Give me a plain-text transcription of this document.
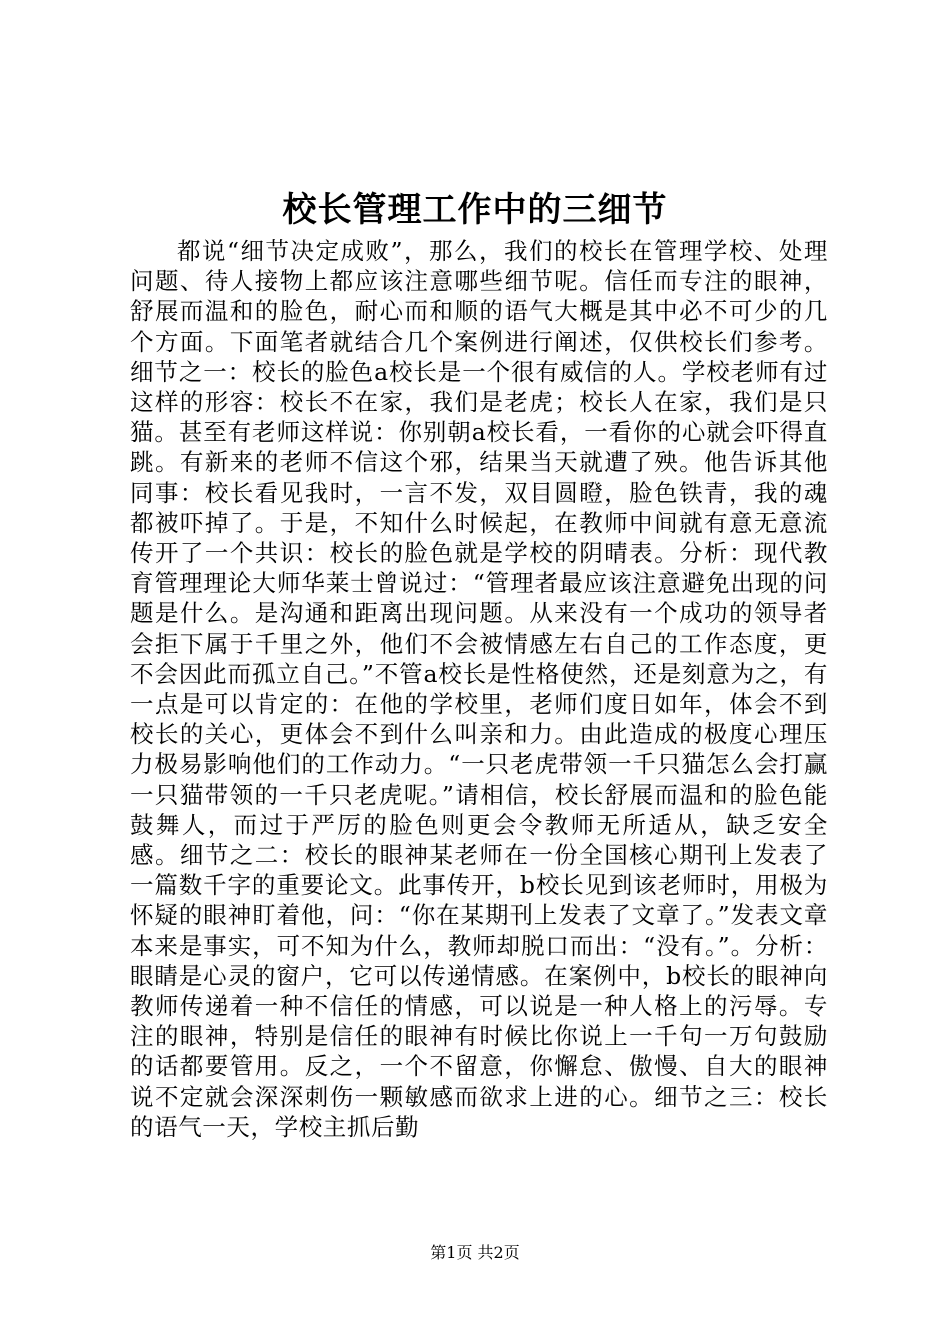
校长管理工作中的三细节

都说“细节决定成败”，那么，我们的校长在管理学校、处理问题、待人接物上都应该注意哪些细节呢。信任而专注的眼神，舒展而温和的脸色，耐心而和顺的语气大概是其中必不可少的几个方面。下面笔者就结合几个案例进行阐述，仅供校长们参考。细节之一：校长的脸色a校长是一个很有威信的人。学校老师有过这样的形容：校长不在家，我们是老虎；校长人在家，我们是只猫。甚至有老师这样说：你别朝a校长看，一看你的心就会吓得直跳。有新来的老师不信这个邪，结果当天就遭了殃。他告诉其他同事：校长看见我时，一言不发，双目圆瞪，脸色铁青，我的魂都被吓掉了。于是，不知什么时候起，在教师中间就有意无意流传开了一个共识：校长的脸色就是学校的阴晴表。分析：现代教育管理理论大师华莱士曾说过：“管理者最应该注意避免出现的问题是什么。是沟通和距离出现问题。从来没有一个成功的领导者会拒下属于千里之外，他们不会被情感左右自己的工作态度，更不会因此而孤立自己。”不管a校长是性格使然，还是刻意为之，有一点是可以肯定的：在他的学校里，老师们度日如年，体会不到校长的关心，更体会不到什么叫亲和力。由此造成的极度心理压力极易影响他们的工作动力。“一只老虎带领一千只猫怎么会打赢一只猫带领的一千只老虎呢。”请相信，校长舒展而温和的脸色能鼓舞人，而过于严厉的脸色则更会令教师无所适从，缺乏安全感。细节之二：校长的眼神某老师在一份全国核心期刊上发表了一篇数千字的重要论文。此事传开，b校长见到该老师时，用极为怀疑的眼神盯着他，问：“你在某期刊上发表了文章了。”发表文章本来是事实，可不知为什么，教师却脱口而出：“没有。”。分析：眼睛是心灵的窗户，它可以传递情感。在案例中，b校长的眼神向教师传递着一种不信任的情感，可以说是一种人格上的污辱。专注的眼神，特别是信任的眼神有时候比你说上一千句一万句鼓励的话都要管用。反之，一个不留意，你懈怠、傲慢、自大的眼神说不定就会深深刺伤一颗敏感而欲求上进的心。细节之三：校长的语气一天，学校主抓后勤

第1页 共2页
